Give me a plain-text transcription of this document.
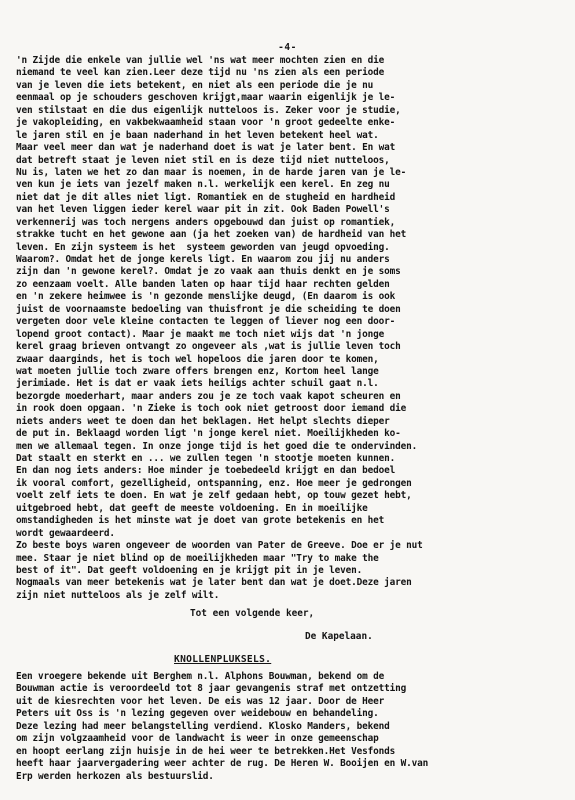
-4-
'n Zijde die enkele van jullie wel 'ns wat meer mochten zien en die
niemand te veel kan zien.Leer deze tijd nu 'ns zien als een periode
van je leven die iets betekent, en niet als een periode die je nu
eenmaal op je schouders geschoven krijgt,maar waarin eigenlijk je le-
ven stilstaat en die dus eigenlijk nutteloos is. Zeker voor je studie,
je vakopleiding, en vakbekwaamheid staan voor 'n groot gedeelte enke-
le jaren stil en je baan naderhand in het leven betekent heel wat.
Maar veel meer dan wat je naderhand doet is wat je later bent. En wat
dat betreft staat je leven niet stil en is deze tijd niet nutteloos,
Nu is, laten we het zo dan maar is noemen, in de harde jaren van je le-
ven kun je iets van jezelf maken n.l. werkelijk een kerel. En zeg nu
niet dat je dit alles niet ligt. Romantiek en de stugheid en hardheid
van het leven liggen ieder kerel waar pit in zit. Ook Baden Powell's
verkennerij was toch nergens anders opgebouwd dan juist op romantiek,
strakke tucht en het gewone aan (ja het zoeken van) de hardheid van het
leven. En zijn systeem is het  systeem geworden van jeugd opvoeding.
Waarom?. Omdat het de jonge kerels ligt. En waarom zou jij nu anders
zijn dan 'n gewone kerel?. Omdat je zo vaak aan thuis denkt en je soms
zo eenzaam voelt. Alle banden laten op haar tijd haar rechten gelden
en 'n zekere heimwee is 'n gezonde menslijke deugd, (En daarom is ook
juist de voornaamste bedoeling van thuisfront je die scheiding te doen
vergeten door vele kleine contacten te leggen of liever nog een door-
lopend groot contact). Maar je maakt me toch niet wijs dat 'n jonge
kerel graag brieven ontvangt zo ongeveer als ,wat is jullie leven toch
zwaar daarginds, het is toch wel hopeloos die jaren door te komen,
wat moeten jullie toch zware offers brengen enz, Kortom heel lange
jerimiade. Het is dat er vaak iets heiligs achter schuil gaat n.l.
bezorgde moederhart, maar anders zou je ze toch vaak kapot scheuren en
in rook doen opgaan. 'n Zieke is toch ook niet getroost door iemand die
niets anders weet te doen dan het beklagen. Het helpt slechts dieper
de put in. Beklaagd worden ligt 'n jonge kerel niet. Moeilijkheden ko-
men we allemaal tegen. In onze jonge tijd is het goed die te ondervinden.
Dat staalt en sterkt en ... we zullen tegen 'n stootje moeten kunnen.
En dan nog iets anders: Hoe minder je toebedeeld krijgt en dan bedoel
ik vooral comfort, gezelligheid, ontspanning, enz. Hoe meer je gedrongen
voelt zelf iets te doen. En wat je zelf gedaan hebt, op touw gezet hebt,
uitgebroed hebt, dat geeft de meeste voldoening. En in moeilijke
omstandigheden is het minste wat je doet van grote betekenis en het
wordt gewaardeerd.
Zo beste boys waren ongeveer de woorden van Pater de Greeve. Doe er je nut
mee. Staar je niet blind op de moeilijkheden maar "Try to make the
best of it". Dat geeft voldoening en je krijgt pit in je leven.
Nogmaals van meer betekenis wat je later bent dan wat je doet.Deze jaren
zijn niet nutteloos als je zelf wilt.
Tot een volgende keer,
De Kapelaan.
KNOLLENPLUKSELS.
Een vroegere bekende uit Berghem n.l. Alphons Bouwman, bekend om de
Bouwman actie is veroordeeld tot 8 jaar gevangenis straf met ontzetting
uit de kiesrechten voor het leven. De eis was 12 jaar. Door de Heer
Peters uit Oss is 'n lezing gegeven over weidebouw en behandeling.
Deze lezing had meer belangstelling verdiend. Klosko Manders, bekend
om zijn volgzaamheid voor de landwacht is weer in onze gemeenschap
en hoopt eerlang zijn huisje in de hei weer te betrekken.Het Vesfonds
heeft haar jaarvergadering weer achter de rug. De Heren W. Booijen en W.van
Erp werden herkozen als bestuurslid.
